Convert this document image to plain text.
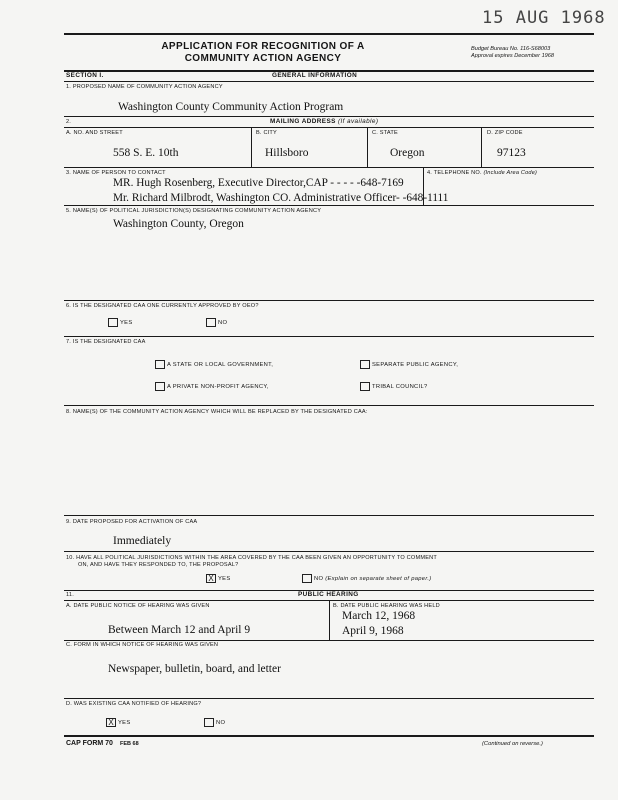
15 AUG 1968
APPLICATION FOR RECOGNITION OF A
COMMUNITY ACTION AGENCY
Budget Bureau No. 116-S68003
Approval expires December 1968
SECTION I.	GENERAL INFORMATION
1. PROPOSED NAME OF COMMUNITY ACTION AGENCY
Washington County Community Action Program
2.	MAILING ADDRESS (If available)
A. NO. AND STREET	B. CITY	C. STATE	D. ZIP CODE
558 S. E. 10th	Hillsboro	Oregon	97123
3. NAME OF PERSON TO CONTACT	4. TELEPHONE NO. (Include Area Code)
MR. Hugh Rosenberg, Executive Director,CAP - - - - -648-7169
Mr. Richard Milbrodt, Washington CO. Administrative Officer- -648-1111
5. NAME(S) OF POLITICAL JURISDICTION(S) DESIGNATING COMMUNITY ACTION AGENCY
Washington County, Oregon
6. IS THE DESIGNATED CAA ONE CURRENTLY APPROVED BY OEO?
YES	NO
7. IS THE DESIGNATED CAA
A STATE OR LOCAL GOVERNMENT,	SEPARATE PUBLIC AGENCY,
A PRIVATE NON-PROFIT AGENCY,	TRIBAL COUNCIL?
8. NAME(S) OF THE COMMUNITY ACTION AGENCY WHICH WILL BE REPLACED BY THE DESIGNATED CAA:
9. DATE PROPOSED FOR ACTIVATION OF CAA
Immediately
10. HAVE ALL POLITICAL JURISDICTIONS WITHIN THE AREA COVERED BY THE CAA BEEN GIVEN AN OPPORTUNITY TO COMMENT
ON, AND HAVE THEY RESPONDED TO, THE PROPOSAL?
X YES	NO (Explain on separate sheet of paper.)
11.	PUBLIC HEARING
A. DATE PUBLIC NOTICE OF HEARING WAS GIVEN	B. DATE PUBLIC HEARING WAS HELD
Between March 12 and April 9
March 12, 1968
April 9, 1968
C. FORM IN WHICH NOTICE OF HEARING WAS GIVEN
Newspaper, bulletin, board, and letter
D. WAS EXISTING CAA NOTIFIED OF HEARING?
X YES	NO
CAP FORM 70 FEB 68	(Continued on reverse.)
